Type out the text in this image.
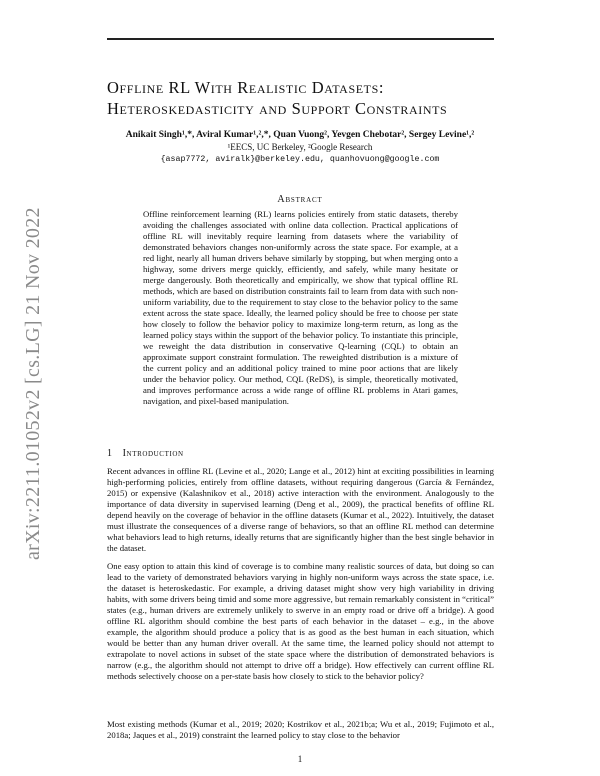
arXiv:2211.01052v2 [cs.LG] 21 Nov 2022
Offline RL With Realistic Datasets:
Heteroskedasticity and Support Constraints
Anikait Singh¹,*, Aviral Kumar¹,²,*, Quan Vuong², Yevgen Chebotar², Sergey Levine¹,²
¹EECS, UC Berkeley, ²Google Research
{asap7772, aviralk}@berkeley.edu, quanhovuong@google.com
Abstract
Offline reinforcement learning (RL) learns policies entirely from static datasets, thereby avoiding the challenges associated with online data collection. Practical applications of offline RL will inevitably require learning from datasets where the variability of demonstrated behaviors changes non-uniformly across the state space. For example, at a red light, nearly all human drivers behave similarly by stopping, but when merging onto a highway, some drivers merge quickly, efficiently, and safely, while many hesitate or merge dangerously. Both theoretically and empirically, we show that typical offline RL methods, which are based on distribution constraints fail to learn from data with such non-uniform variability, due to the requirement to stay close to the behavior policy to the same extent across the state space. Ideally, the learned policy should be free to choose per state how closely to follow the behavior policy to maximize long-term return, as long as the learned policy stays within the support of the behavior policy. To instantiate this principle, we reweight the data distribution in conservative Q-learning (CQL) to obtain an approximate support constraint formulation. The reweighted distribution is a mixture of the current policy and an additional policy trained to mine poor actions that are likely under the behavior policy. Our method, CQL (ReDS), is simple, theoretically motivated, and improves performance across a wide range of offline RL problems in Atari games, navigation, and pixel-based manipulation.
1 Introduction
Recent advances in offline RL (Levine et al., 2020; Lange et al., 2012) hint at exciting possibilities in learning high-performing policies, entirely from offline datasets, without requiring dangerous (García & Fernández, 2015) or expensive (Kalashnikov et al., 2018) active interaction with the environment. Analogously to the importance of data diversity in supervised learning (Deng et al., 2009), the practical benefits of offline RL depend heavily on the coverage of behavior in the offline datasets (Kumar et al., 2022). Intuitively, the dataset must illustrate the consequences of a diverse range of behaviors, so that an offline RL method can determine what behaviors lead to high returns, ideally returns that are significantly higher than the best single behavior in the dataset.
One easy option to attain this kind of coverage is to combine many realistic sources of data, but doing so can lead to the variety of demonstrated behaviors varying in highly non-uniform ways across the state space, i.e. the dataset is heteroskedastic. For example, a driving dataset might show very high variability in driving habits, with some drivers being timid and some more aggressive, but remain remarkably consistent in “critical” states (e.g., human drivers are extremely unlikely to swerve in an empty road or drive off a bridge). A good offline RL algorithm should combine the best parts of each behavior in the dataset – e.g., in the above example, the algorithm should produce a policy that is as good as the best human in each situation, which would be better than any human driver overall. At the same time, the learned policy should not attempt to extrapolate to novel actions in subset of the state space where the distribution of demonstrated behaviors is narrow (e.g., the algorithm should not attempt to drive off a bridge). How effectively can current offline RL methods selectively choose on a per-state basis how closely to stick to the behavior policy?
Most existing methods (Kumar et al., 2019; 2020; Kostrikov et al., 2021b;a; Wu et al., 2019; Fujimoto et al., 2018a; Jaques et al., 2019) constraint the learned policy to stay close to the behavior
1
